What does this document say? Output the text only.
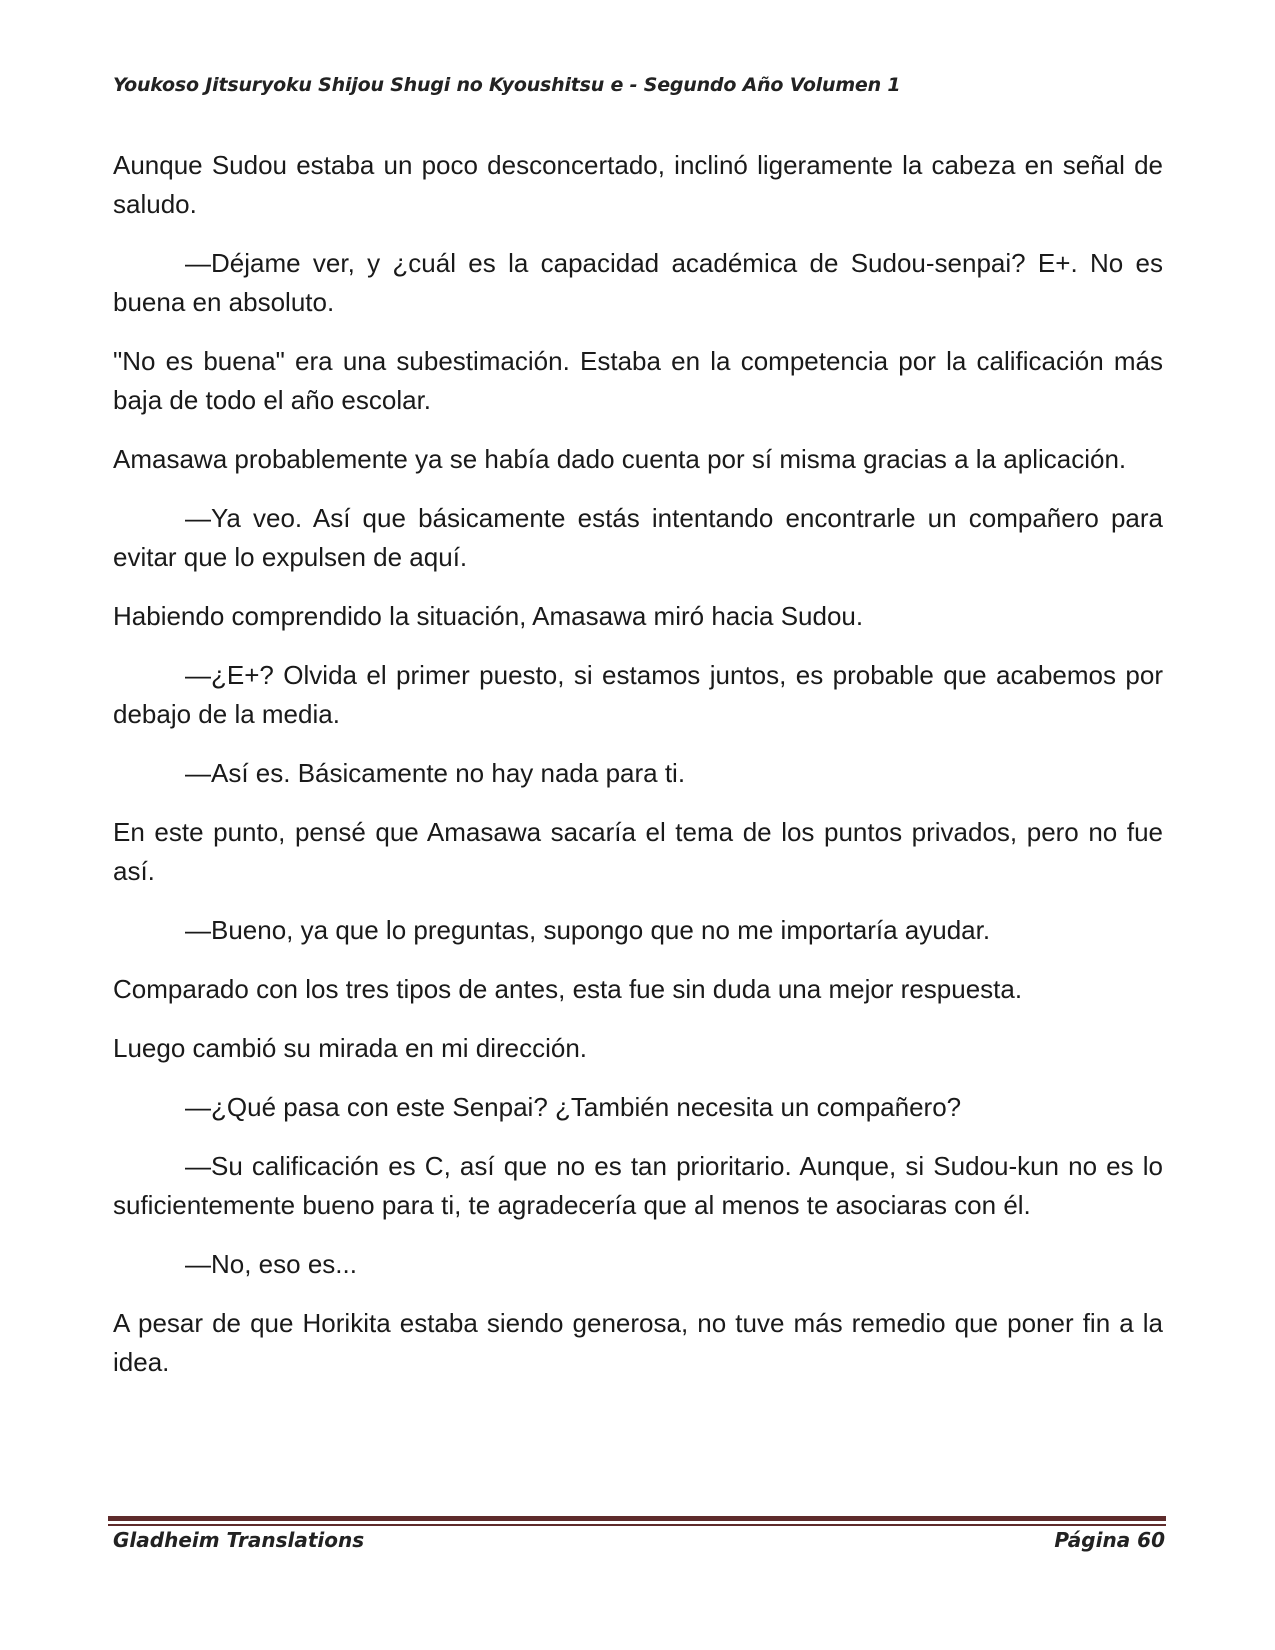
Youkoso Jitsuryoku Shijou Shugi no Kyoushitsu e - Segundo Año Volumen 1

Aunque Sudou estaba un poco desconcertado, inclinó ligeramente la cabeza en señal de saludo.

—Déjame ver, y ¿cuál es la capacidad académica de Sudou-senpai? E+. No es buena en absoluto.

"No es buena" era una subestimación. Estaba en la competencia por la calificación más baja de todo el año escolar.

Amasawa probablemente ya se había dado cuenta por sí misma gracias a la aplicación.

—Ya veo. Así que básicamente estás intentando encontrarle un compañero para evitar que lo expulsen de aquí.

Habiendo comprendido la situación, Amasawa miró hacia Sudou.

—¿E+? Olvida el primer puesto, si estamos juntos, es probable que acabemos por debajo de la media.

—Así es. Básicamente no hay nada para ti.

En este punto, pensé que Amasawa sacaría el tema de los puntos privados, pero no fue así.

—Bueno, ya que lo preguntas, supongo que no me importaría ayudar.

Comparado con los tres tipos de antes, esta fue sin duda una mejor respuesta.

Luego cambió su mirada en mi dirección.

—¿Qué pasa con este Senpai? ¿También necesita un compañero?

—Su calificación es C, así que no es tan prioritario. Aunque, si Sudou-kun no es lo suficientemente bueno para ti, te agradecería que al menos te asociaras con él.

—No, eso es...

A pesar de que Horikita estaba siendo generosa, no tuve más remedio que poner fin a la idea.

Gladheim Translations	Página 60
